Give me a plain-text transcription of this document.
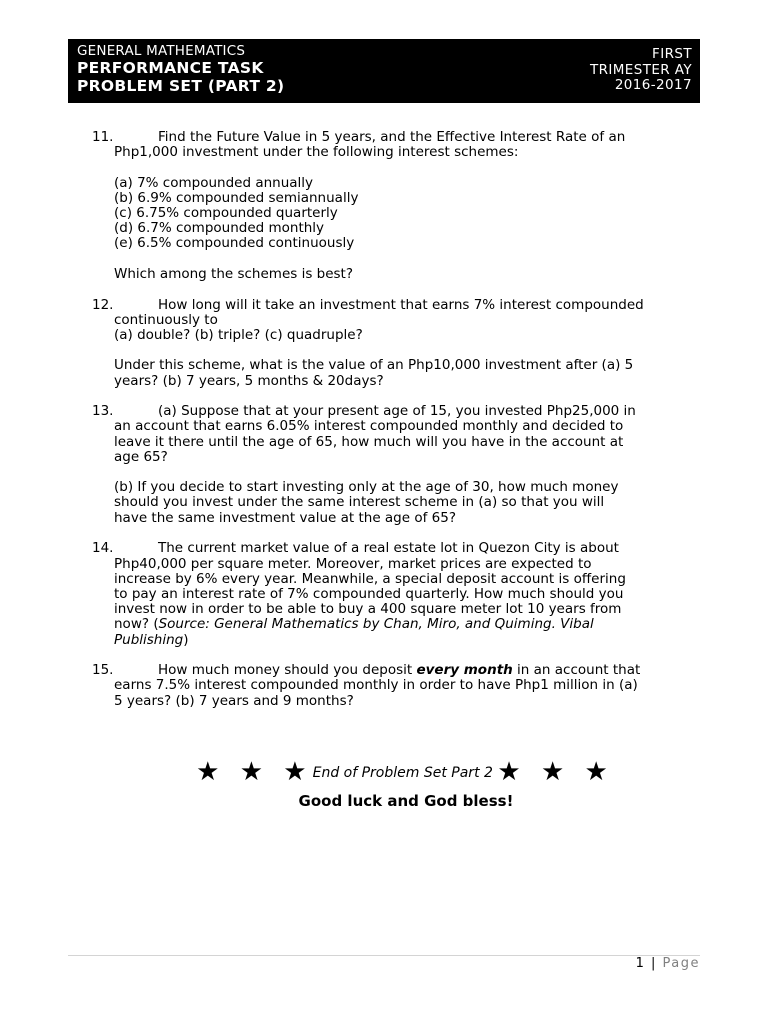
GENERAL MATHEMATICS
PERFORMANCE TASK
PROBLEM SET (PART 2)
FIRST
TRIMESTER AY
2016-2017
11.	Find the Future Value in 5 years, and the Effective Interest Rate of an
Php1,000 investment under the following interest schemes:
(a) 7% compounded annually
(b) 6.9% compounded semiannually
(c) 6.75% compounded quarterly
(d) 6.7% compounded monthly
(e) 6.5% compounded continuously
Which among the schemes is best?
12.	How long will it take an investment that earns 7% interest compounded
continuously to
(a) double? (b) triple? (c) quadruple?
Under this scheme, what is the value of an Php10,000 investment after (a) 5
years? (b) 7 years, 5 months & 20days?
13.	(a) Suppose that at your present age of 15, you invested Php25,000 in
an account that earns 6.05% interest compounded monthly and decided to
leave it there until the age of 65, how much will you have in the account at
age 65?
(b) If you decide to start investing only at the age of 30, how much money
should you invest under the same interest scheme in (a) so that you will
have the same investment value at the age of 65?
14.	The current market value of a real estate lot in Quezon City is about
Php40,000 per square meter. Moreover, market prices are expected to
increase by 6% every year. Meanwhile, a special deposit account is offering
to pay an interest rate of 7% compounded quarterly. How much should you
invest now in order to be able to buy a 400 square meter lot 10 years from
now? (Source: General Mathematics by Chan, Miro, and Quiming. Vibal
Publishing)
15.	How much money should you deposit every month in an account that
earns 7.5% interest compounded monthly in order to have Php1 million in (a)
5 years? (b) 7 years and 9 months?
★ ★ ★End of Problem Set Part 2 ★ ★ ★
Good luck and God bless!
1 | Page
